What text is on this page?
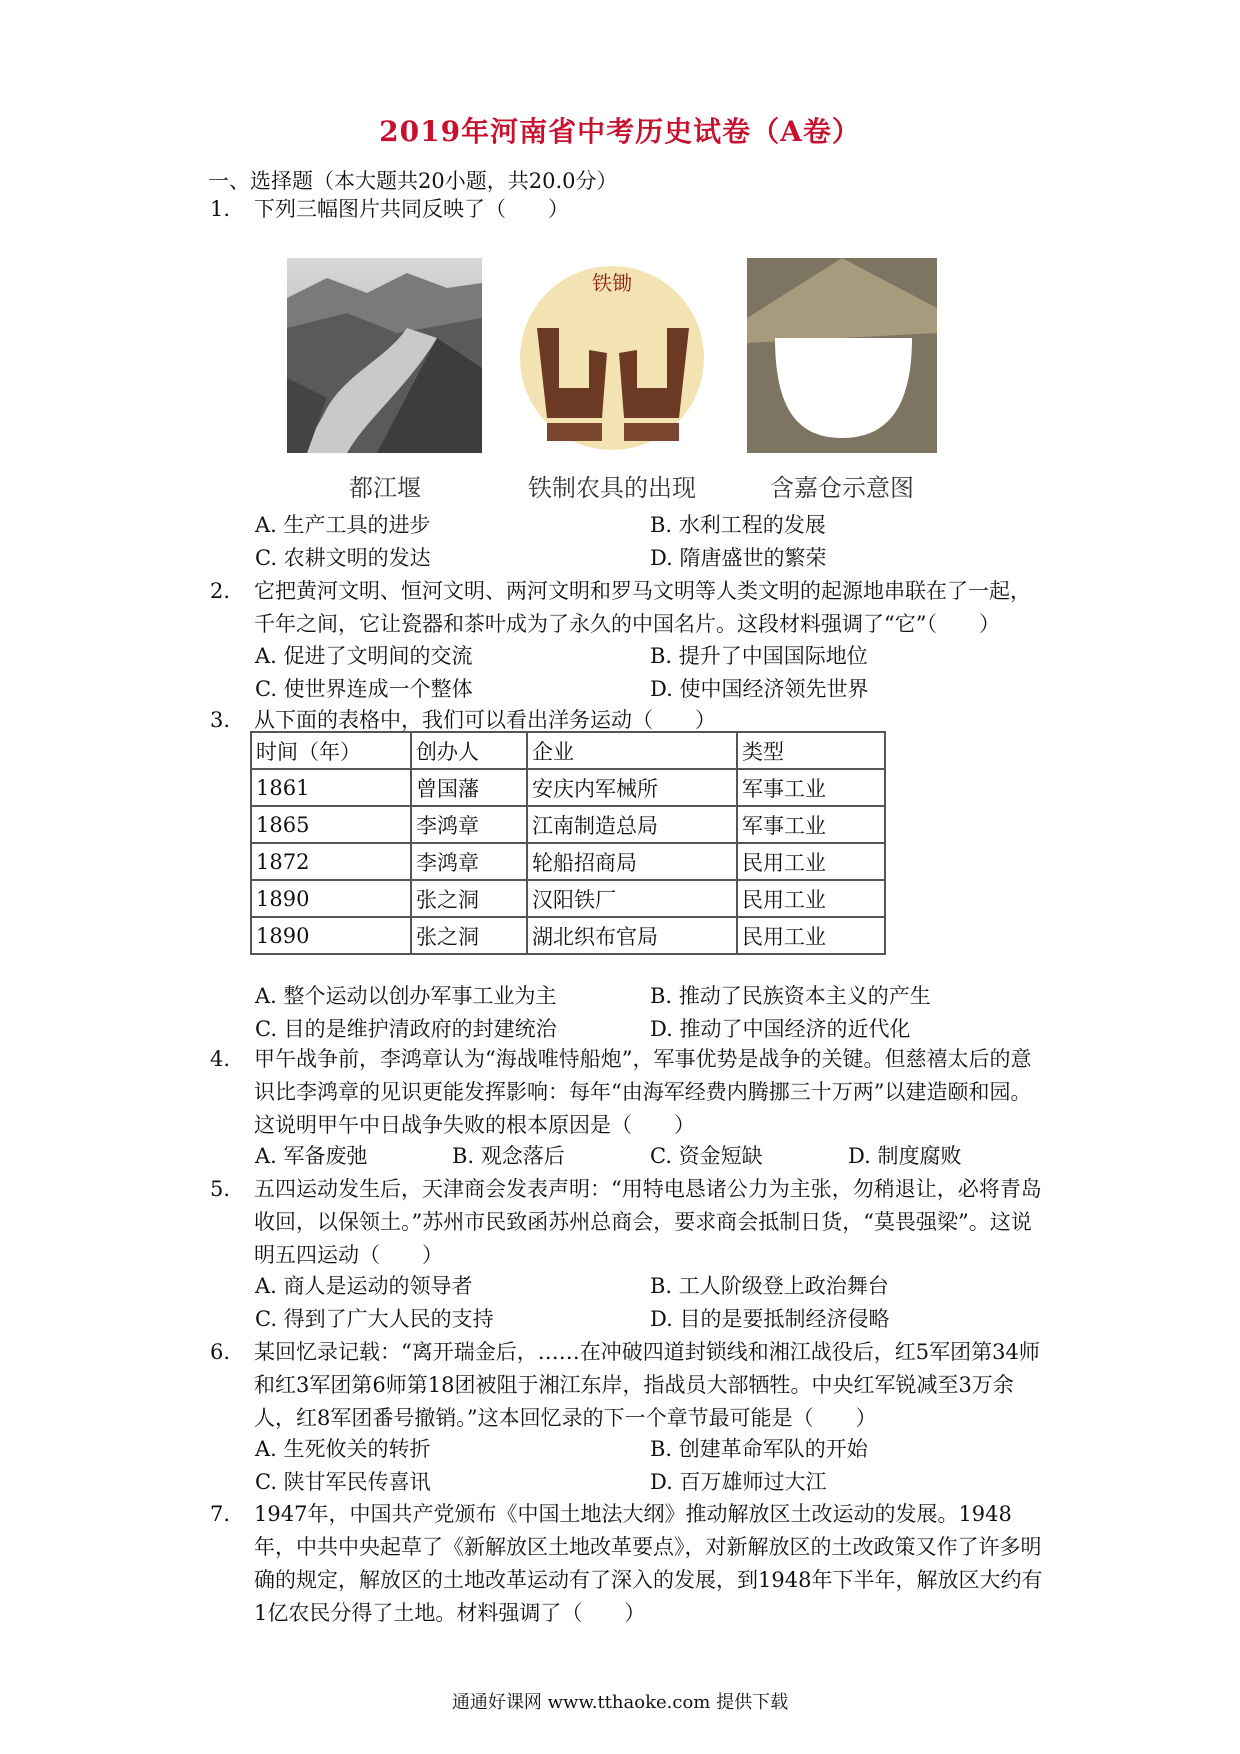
2019年河南省中考历史试卷（A卷）
一、选择题（本大题共20小题，共20.0分）
1.	下列三幅图片共同反映了（　　）
铁锄
都江堰	铁制农具的出现	含嘉仓示意图
A. 生产工具的进步	B. 水利工程的发展
C. 农耕文明的发达	D. 隋唐盛世的繁荣
2.	它把黄河文明、恒河文明、两河文明和罗马文明等人类文明的起源地串联在了一起，千年之间，它让瓷器和茶叶成为了永久的中国名片。这段材料强调了“它”（　　）
A. 促进了文明间的交流	B. 提升了中国国际地位
C. 使世界连成一个整体	D. 使中国经济领先世界
3.	从下面的表格中，我们可以看出洋务运动（　　）
时间（年）	创办人	企业	类型
1861	曾国藩	安庆内军械所	军事工业
1865	李鸿章	江南制造总局	军事工业
1872	李鸿章	轮船招商局	民用工业
1890	张之洞	汉阳铁厂	民用工业
1890	张之洞	湖北织布官局	民用工业
A. 整个运动以创办军事工业为主	B. 推动了民族资本主义的产生
C. 目的是维护清政府的封建统治	D. 推动了中国经济的近代化
4.	甲午战争前，李鸿章认为“海战唯恃船炮”，军事优势是战争的关键。但慈禧太后的意识比李鸿章的见识更能发挥影响：每年“由海军经费内腾挪三十万两”以建造颐和园。这说明甲午中日战争失败的根本原因是（　　）
A. 军备废弛	B. 观念落后	C. 资金短缺	D. 制度腐败
5.	五四运动发生后，天津商会发表声明：“用特电恳诸公力为主张，勿稍退让，必将青岛收回，以保领土。”苏州市民致函苏州总商会，要求商会抵制日货，“莫畏强梁”。这说明五四运动（　　）
A. 商人是运动的领导者	B. 工人阶级登上政治舞台
C. 得到了广大人民的支持	D. 目的是要抵制经济侵略
6.	某回忆录记载：“离开瑞金后，……在冲破四道封锁线和湘江战役后，红5军团第34师和红3军团第6师第18团被阻于湘江东岸，指战员大部牺牲。中央红军锐减至3万余人，红8军团番号撤销。”这本回忆录的下一个章节最可能是（　　）
A. 生死攸关的转折	B. 创建革命军队的开始
C. 陕甘军民传喜讯	D. 百万雄师过大江
7.	1947年，中国共产党颁布《中国土地法大纲》推动解放区土改运动的发展。1948年，中共中央起草了《新解放区土地改革要点》，对新解放区的土改政策又作了许多明确的规定，解放区的土地改革运动有了深入的发展，到1948年下半年，解放区大约有1亿农民分得了土地。材料强调了（　　）
通通好课网 www.tthaoke.com 提供下载
